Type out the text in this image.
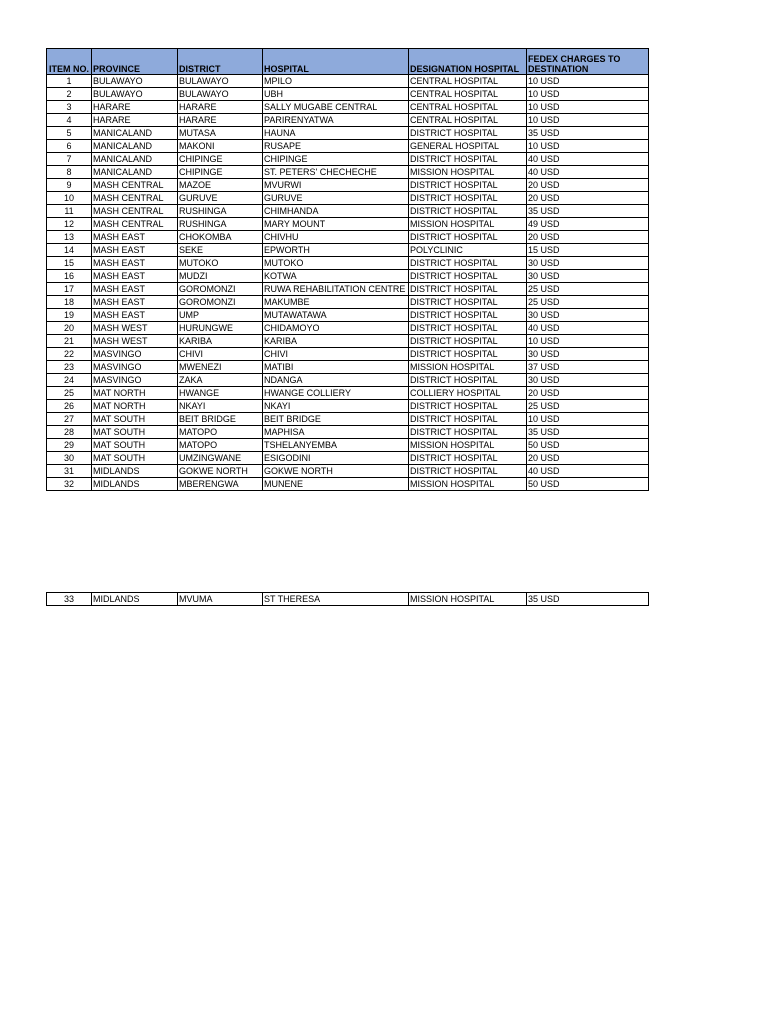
ITEM NO.	PROVINCE	DISTRICT	HOSPITAL	DESIGNATION HOSPITAL	FEDEX CHARGES TO DESTINATION
1	BULAWAYO	BULAWAYO	MPILO	CENTRAL HOSPITAL	10 USD
2	BULAWAYO	BULAWAYO	UBH	CENTRAL HOSPITAL	10 USD
3	HARARE	HARARE	SALLY MUGABE CENTRAL	CENTRAL HOSPITAL	10 USD
4	HARARE	HARARE	PARIRENYATWA	CENTRAL HOSPITAL	10 USD
5	MANICALAND	MUTASA	HAUNA	DISTRICT HOSPITAL	35 USD
6	MANICALAND	MAKONI	RUSAPE	GENERAL HOSPITAL	10 USD
7	MANICALAND	CHIPINGE	CHIPINGE	DISTRICT HOSPITAL	40 USD
8	MANICALAND	CHIPINGE	ST. PETERS' CHECHECHE	MISSION HOSPITAL	40 USD
9	MASH CENTRAL	MAZOE	MVURWI	DISTRICT HOSPITAL	20 USD
10	MASH CENTRAL	GURUVE	GURUVE	DISTRICT HOSPITAL	20 USD
11	MASH CENTRAL	RUSHINGA	CHIMHANDA	DISTRICT HOSPITAL	35 USD
12	MASH CENTRAL	RUSHINGA	MARY MOUNT	MISSION HOSPITAL	49 USD
13	MASH EAST	CHOKOMBA	CHIVHU	DISTRICT HOSPITAL	20 USD
14	MASH EAST	SEKE	EPWORTH	POLYCLINIC	15 USD
15	MASH EAST	MUTOKO	MUTOKO	DISTRICT HOSPITAL	30 USD
16	MASH EAST	MUDZI	KOTWA	DISTRICT HOSPITAL	30 USD
17	MASH EAST	GOROMONZI	RUWA REHABILITATION CENTRE	DISTRICT HOSPITAL	25 USD
18	MASH EAST	GOROMONZI	MAKUMBE	DISTRICT HOSPITAL	25 USD
19	MASH EAST	UMP	MUTAWATAWA	DISTRICT HOSPITAL	30 USD
20	MASH WEST	HURUNGWE	CHIDAMOYO	DISTRICT HOSPITAL	40 USD
21	MASH WEST	KARIBA	KARIBA	DISTRICT HOSPITAL	10 USD
22	MASVINGO	CHIVI	CHIVI	DISTRICT HOSPITAL	30 USD
23	MASVINGO	MWENEZI	MATIBI	MISSION HOSPITAL	37 USD
24	MASVINGO	ZAKA	NDANGA	DISTRICT HOSPITAL	30 USD
25	MAT NORTH	HWANGE	HWANGE COLLIERY	COLLIERY HOSPITAL	20 USD
26	MAT NORTH	NKAYI	NKAYI	DISTRICT HOSPITAL	25 USD
27	MAT SOUTH	BEIT BRIDGE	BEIT BRIDGE	DISTRICT HOSPITAL	10 USD
28	MAT SOUTH	MATOPO	MAPHISA	DISTRICT HOSPITAL	35 USD
29	MAT SOUTH	MATOPO	TSHELANYEMBA	MISSION HOSPITAL	50 USD
30	MAT SOUTH	UMZINGWANE	ESIGODINI	DISTRICT HOSPITAL	20 USD
31	MIDLANDS	GOKWE NORTH	GOKWE NORTH	DISTRICT HOSPITAL	40 USD
32	MIDLANDS	MBERENGWA	MUNENE	MISSION HOSPITAL	50 USD
33	MIDLANDS	MVUMA	ST THERESA	MISSION HOSPITAL	35 USD
